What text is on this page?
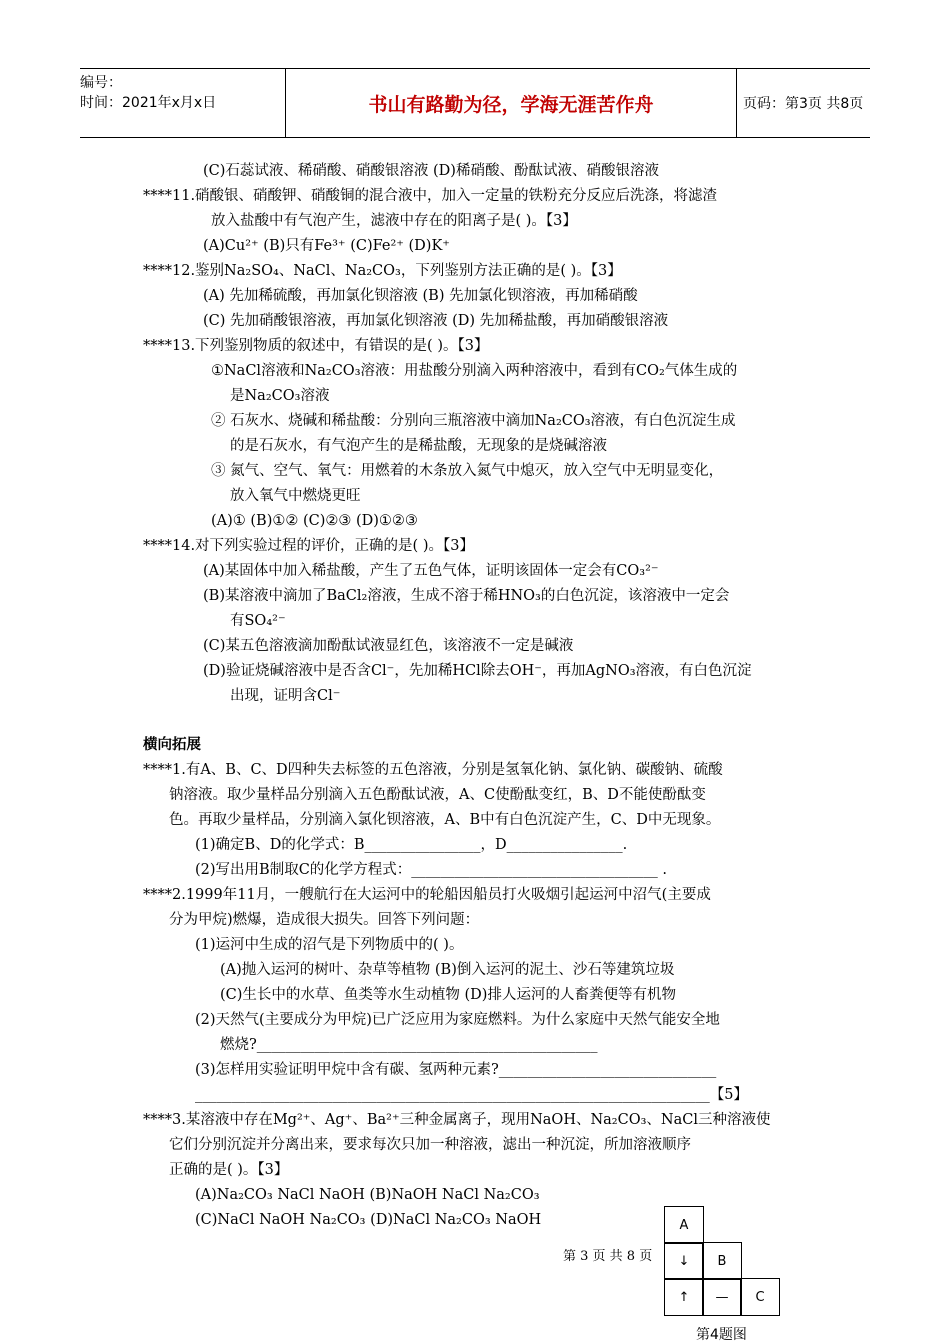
编号：
时间：2021年x月x日	书山有路勤为径，学海无涯苦作舟	页码：第3页 共8页
(C)石蕊试液、稀硝酸、硝酸银溶液 (D)稀硝酸、酚酞试液、硝酸银溶液
****11.硝酸银、硝酸钾、硝酸铜的混合液中，加入一定量的铁粉充分反应后洗涤，将滤渣
放入盐酸中有气泡产生，滤液中存在的阳离子是( )。【3】
(A)Cu²⁺ (B)只有Fe³⁺ (C)Fe²⁺ (D)K⁺
****12.鉴别Na₂SO₄、NaCl、Na₂CO₃，下列鉴别方法正确的是( )。【3】
(A) 先加稀硫酸，再加氯化钡溶液 (B) 先加氯化钡溶液，再加稀硝酸
(C) 先加硝酸银溶液，再加氯化钡溶液 (D) 先加稀盐酸，再加硝酸银溶液
****13.下列鉴别物质的叙述中，有错误的是( )。【3】
①NaCl溶液和Na₂CO₃溶液：用盐酸分别滴入两种溶液中，看到有CO₂气体生成的
是Na₂CO₃溶液
② 石灰水、烧碱和稀盐酸：分别向三瓶溶液中滴加Na₂CO₃溶液，有白色沉淀生成
的是石灰水，有气泡产生的是稀盐酸，无现象的是烧碱溶液
③ 氮气、空气、氧气：用燃着的木条放入氮气中熄灭，放入空气中无明显变化，
放入氧气中燃烧更旺
(A)① (B)①② (C)②③ (D)①②③
****14.对下列实验过程的评价，正确的是( )。【3】
(A)某固体中加入稀盐酸，产生了五色气体，证明该固体一定会有CO₃²⁻
(B)某溶液中滴加了BaCl₂溶液，生成不溶于稀HNO₃的白色沉淀，该溶液中一定会
有SO₄²⁻
(C)某五色溶液滴加酚酞试液显红色，该溶液不一定是碱液
(D)验证烧碱溶液中是否含Cl⁻，先加稀HCl除去OH⁻，再加AgNO₃溶液，有白色沉淀
出现，证明含Cl⁻
横向拓展
****1.有A、B、C、D四种失去标签的五色溶液，分别是氢氧化钠、氯化钠、碳酸钠、硫酸
钠溶液。取少量样品分别滴入五色酚酞试液，A、C使酚酞变红，B、D不能使酚酞变
色。再取少量样品，分别滴入氯化钡溶液，A、B中有白色沉淀产生，C、D中无现象。
(1)确定B、D的化学式：B________________，D________________.
(2)写出用B制取C的化学方程式：__________________________________ .
****2.1999年11月，一艘航行在大运河中的轮船因船员打火吸烟引起运河中沼气(主要成
分为甲烷)燃爆，造成很大损失。回答下列问题：
(1)运河中生成的沼气是下列物质中的( )。
(A)抛入运河的树叶、杂草等植物 (B)倒入运河的泥土、沙石等建筑垃圾
(C)生长中的水草、鱼类等水生动植物 (D)排人运河的人畜粪便等有机物
(2)天然气(主要成分为甲烷)已广泛应用为家庭燃料。为什么家庭中天然气能安全地
燃烧?_______________________________________________
(3)怎样用实验证明甲烷中含有碳、氢两种元素?______________________________
_______________________________________________________________________【5】
****3.某溶液中存在Mg²⁺、Ag⁺、Ba²⁺三种金属离子，现用NaOH、Na₂CO₃、NaCl三种溶液使
它们分别沉淀并分离出来，要求每次只加一种溶液，滤出一种沉淀，所加溶液顺序
正确的是( )。【3】
(A)Na₂CO₃ NaCl NaOH (B)NaOH NaCl Na₂CO₃
(C)NaCl NaOH Na₂CO₃ (D)NaCl Na₂CO₃ NaOH
第 3 页 共 8 页
A
↓	B
↑	—	C
第4题图
